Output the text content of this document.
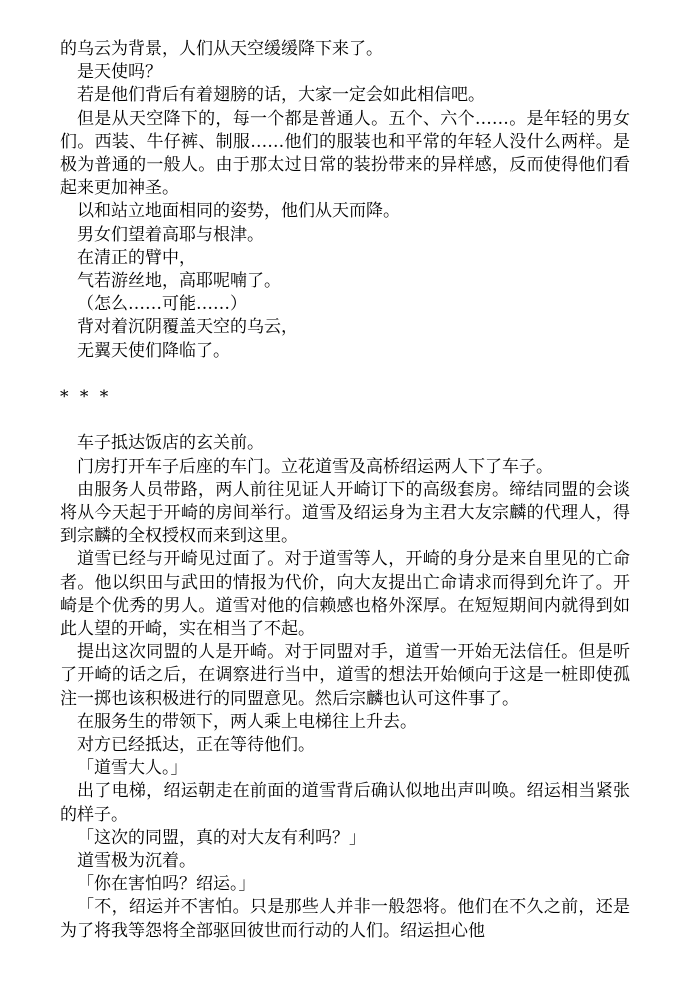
的乌云为背景，人们从天空缓缓降下来了。

是天使吗？

若是他们背后有着翅膀的话，大家一定会如此相信吧。

但是从天空降下的，每一个都是普通人。五个、六个……。是年轻的男女们。西装、牛仔裤、制服……他们的服装也和平常的年轻人没什么两样。是极为普通的一般人。由于那太过日常的装扮带来的异样感，反而使得他们看起来更加神圣。

以和站立地面相同的姿势，他们从天而降。

男女们望着高耶与根津。

在清正的臂中，

气若游丝地，高耶呢喃了。

（怎么……可能……）

背对着沉阴覆盖天空的乌云，

无翼天使们降临了。

* * *

车子抵达饭店的玄关前。

门房打开车子后座的车门。立花道雪及高桥绍运两人下了车子。

由服务人员带路，两人前往见证人开崎订下的高级套房。缔结同盟的会谈将从今天起于开崎的房间举行。道雪及绍运身为主君大友宗麟的代理人，得到宗麟的全权授权而来到这里。

道雪已经与开崎见过面了。对于道雪等人，开崎的身分是来自里见的亡命者。他以织田与武田的情报为代价，向大友提出亡命请求而得到允许了。开崎是个优秀的男人。道雪对他的信赖感也格外深厚。在短短期间内就得到如此人望的开崎，实在相当了不起。

提出这次同盟的人是开崎。对于同盟对手，道雪一开始无法信任。但是听了开崎的话之后，在调察进行当中，道雪的想法开始倾向于这是一桩即使孤注一掷也该积极进行的同盟意见。然后宗麟也认可这件事了。

在服务生的带领下，两人乘上电梯往上升去。

对方已经抵达，正在等待他们。

「道雪大人。」

出了电梯，绍运朝走在前面的道雪背后确认似地出声叫唤。绍运相当紧张的样子。

「这次的同盟，真的对大友有利吗？」

道雪极为沉着。

「你在害怕吗？绍运。」

「不，绍运并不害怕。只是那些人并非一般怨将。他们在不久之前，还是为了将我等怨将全部驱回彼世而行动的人们。绍运担心他
